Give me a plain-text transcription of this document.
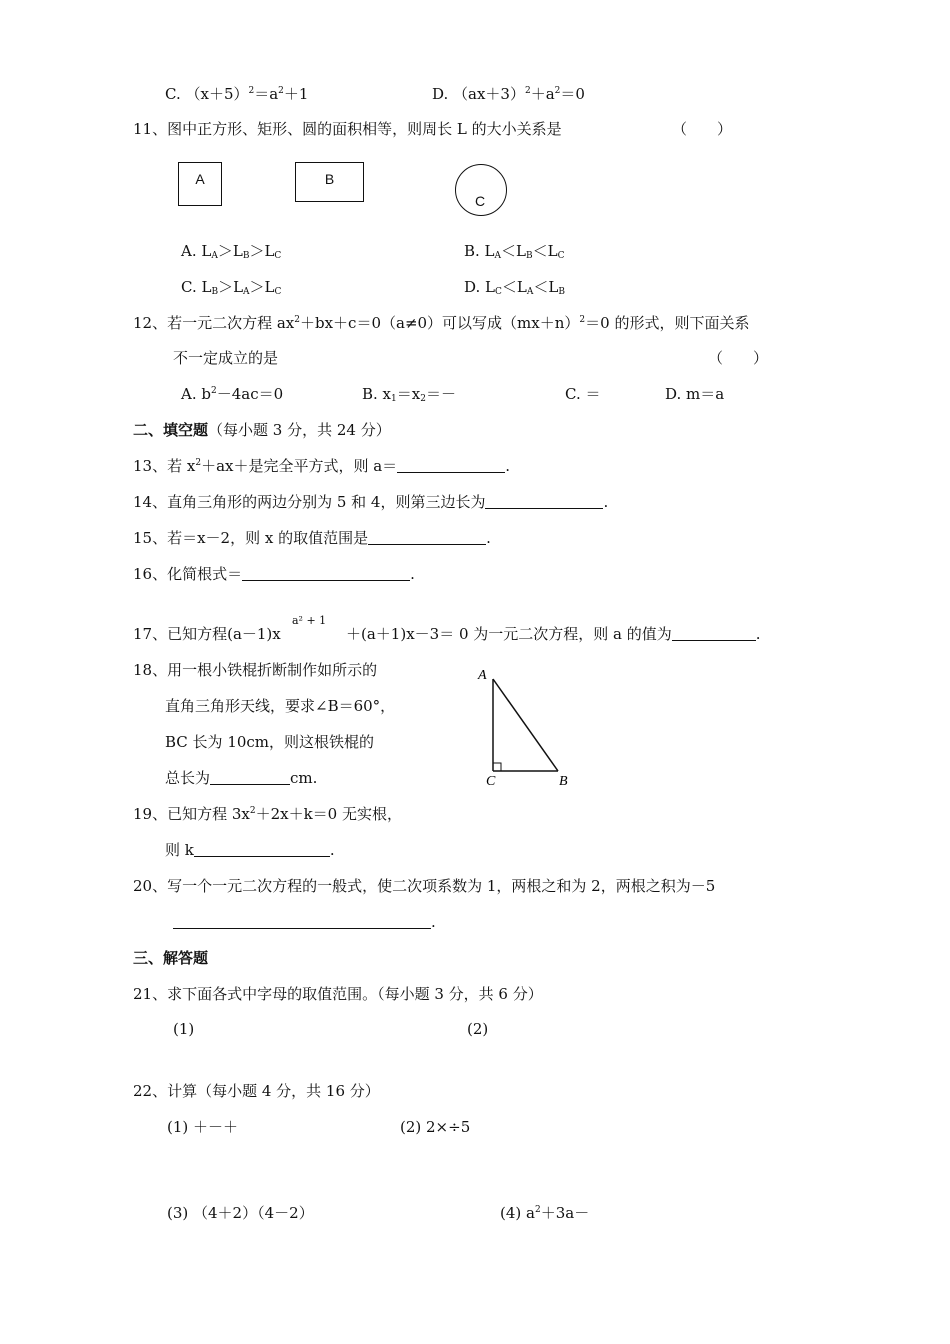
C. $(x+5)^2=a^2+1$	D. $(ax+3)^2+a^2=0$
11、图中正方形、矩形、圆的面积相等，则周长 L 的大小关系是	（　　）
A	B
C
A. $L_A>L_B>L_C$	B. $L_A<L_B<L_C$
C. $L_B>L_A>L_C$	D. $L_C<L_A<L_B$
12、若一元二次方程 $ax^2+bx+c=0(a\ne 0)$可以写成$(mx+n)^2=0$ 的形式，则下面关系
不一定成立的是	（　　）
A. $b^2-4ac=0$	B. $x_1=x_2=-$	C. ＝	D. m＝a
二、填空题（每小题 3 分，共 24 分）
13、若 $x^2+ax+$是完全平方式，则 a＝	.
14、直角三角形的两边分别为 5 和 4，则第三边长为	.
15、若＝x－2，则 x 的取值范围是	.
16、化简根式＝	.
17、已知方程(a－1)x
a² + 1
＋(a＋1)x－3＝ 0 为一元二次方程，则 a 的值为	.
18、用一根小铁棍折断制作如所示的
直角三角形天线，要求∠B＝60°，
BC 长为 10cm，则这根铁棍的
总长为	cm.
A
C	B
19、已知方程 $3x^2+2x+k=0$ 无实根，
则 k	.
20、写一个一元二次方程的一般式，使二次项系数为 1，两根之和为 2，两根之积为－5
.
三、解答题
21、求下面各式中字母的取值范围。（每小题 3 分，共 6 分）
(1)	(2)
22、计算（每小题 4 分，共 16 分）
(1) ＋－＋	(2) 2×÷5
(3) （4＋2）（4－2）	(4) $a^2+3a-$
